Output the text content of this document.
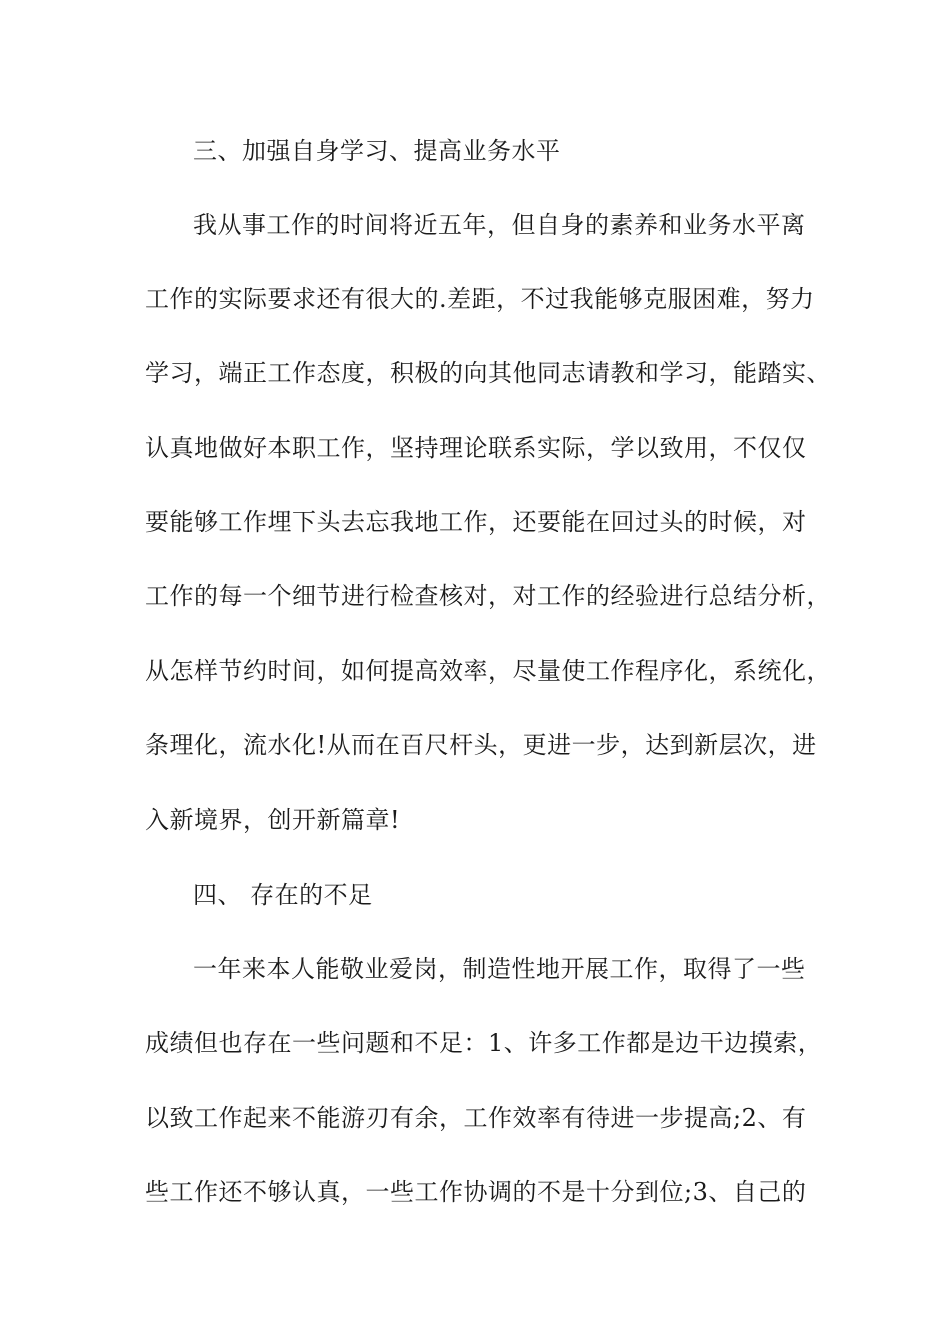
三、加强自身学习、提高业务水平
我从事工作的时间将近五年，但自身的素养和业务水平离
工作的实际要求还有很大的.差距，不过我能够克服困难，努力
学习，端正工作态度，积极的向其他同志请教和学习，能踏实、
认真地做好本职工作，坚持理论联系实际，学以致用，不仅仅
要能够工作埋下头去忘我地工作，还要能在回过头的时候，对
工作的每一个细节进行检查核对，对工作的经验进行总结分析，
从怎样节约时间，如何提高效率，尽量使工作程序化，系统化，
条理化，流水化!从而在百尺杆头，更进一步，达到新层次，进
入新境界，创开新篇章!
四、 存在的不足
一年来本人能敬业爱岗，制造性地开展工作，取得了一些
成绩但也存在一些问题和不足：1、许多工作都是边干边摸索，
以致工作起来不能游刃有余，工作效率有待进一步提高;2、有
些工作还不够认真，一些工作协调的不是十分到位;3、自己的
